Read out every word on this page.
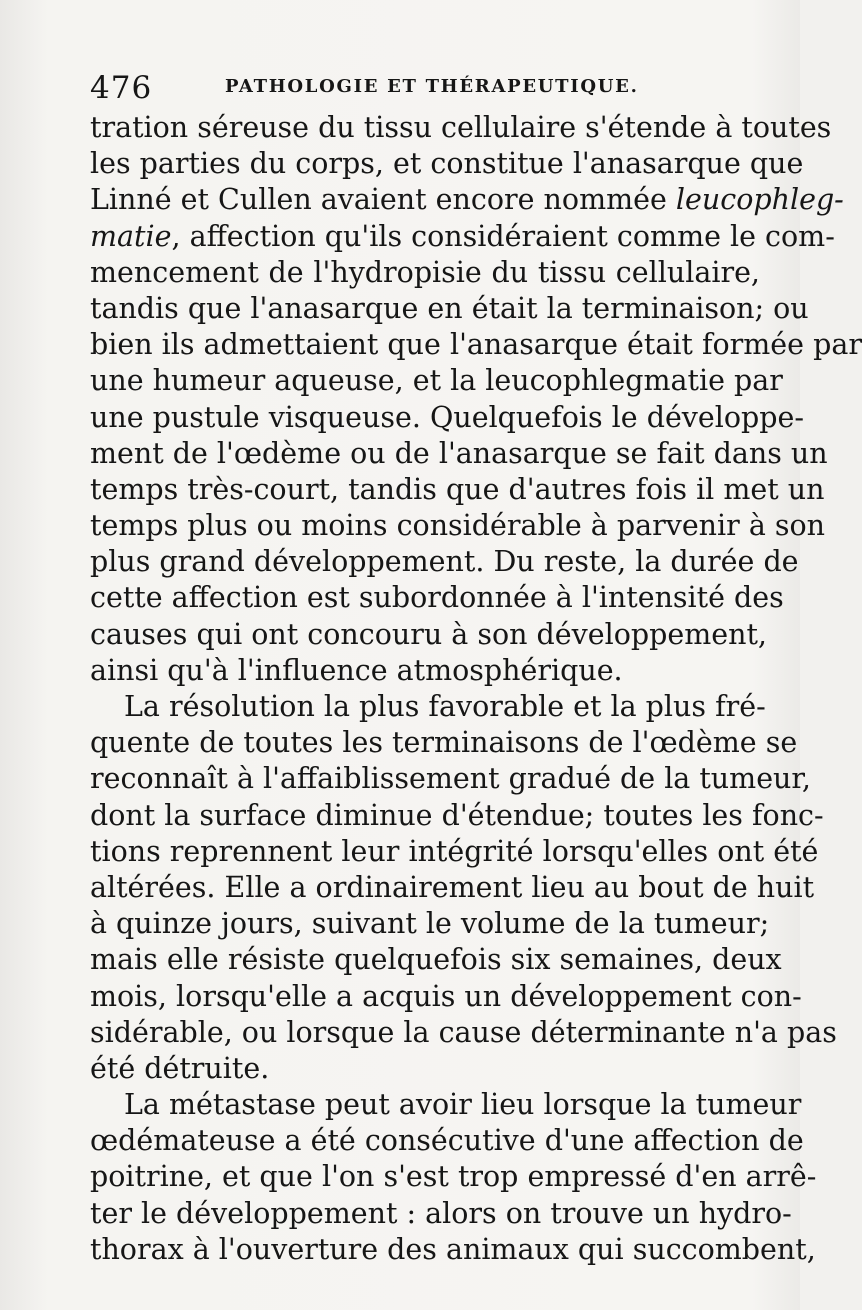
476	PATHOLOGIE ET THÉRAPEUTIQUE.
tration séreuse du tissu cellulaire s'étende à toutes
les parties du corps, et constitue l'anasarque que
Linné et Cullen avaient encore nommée leucophleg-
matie, affection qu'ils considéraient comme le com-
mencement de l'hydropisie du tissu cellulaire,
tandis que l'anasarque en était la terminaison; ou
bien ils admettaient que l'anasarque était formée par
une humeur aqueuse, et la leucophlegmatie par
une pustule visqueuse. Quelquefois le développe-
ment de l'œdème ou de l'anasarque se fait dans un
temps très-court, tandis que d'autres fois il met un
temps plus ou moins considérable à parvenir à son
plus grand développement. Du reste, la durée de
cette affection est subordonnée à l'intensité des
causes qui ont concouru à son développement,
ainsi qu'à l'influence atmosphérique.
La résolution la plus favorable et la plus fré-
quente de toutes les terminaisons de l'œdème se
reconnaît à l'affaiblissement gradué de la tumeur,
dont la surface diminue d'étendue; toutes les fonc-
tions reprennent leur intégrité lorsqu'elles ont été
altérées. Elle a ordinairement lieu au bout de huit
à quinze jours, suivant le volume de la tumeur;
mais elle résiste quelquefois six semaines, deux
mois, lorsqu'elle a acquis un développement con-
sidérable, ou lorsque la cause déterminante n'a pas
été détruite.
La métastase peut avoir lieu lorsque la tumeur
œdémateuse a été consécutive d'une affection de
poitrine, et que l'on s'est trop empressé d'en arrê-
ter le développement : alors on trouve un hydro-
thorax à l'ouverture des animaux qui succombent,
